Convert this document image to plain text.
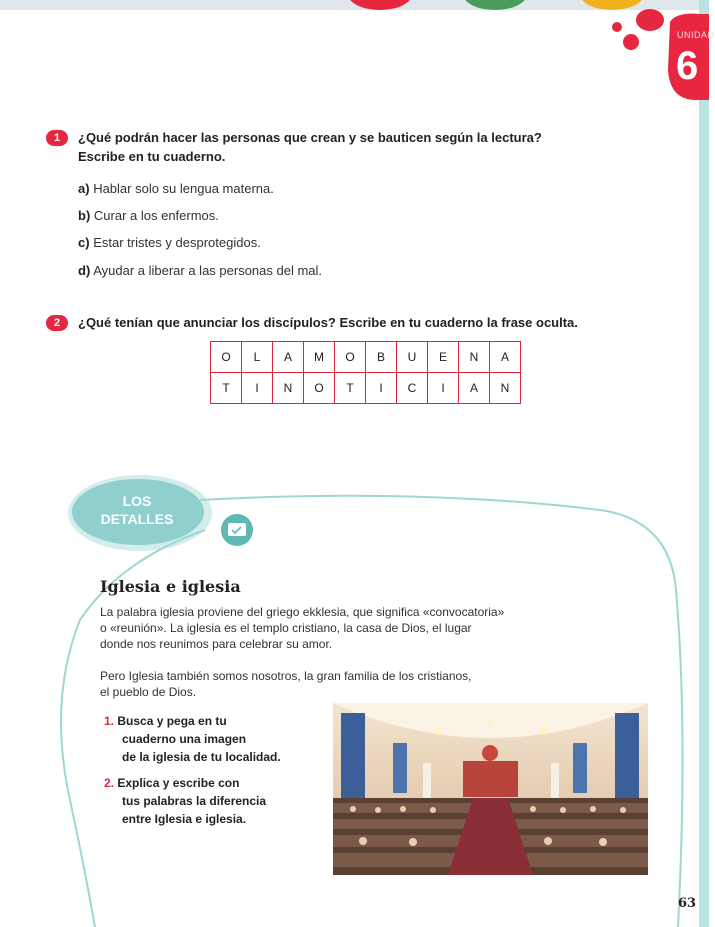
UNIDAD
6
1	¿Qué podrán hacer las personas que crean y se bauticen según la lectura?
Escribe en tu cuaderno.
a) Hablar solo su lengua materna.
b) Curar a los enfermos.
c) Estar tristes y desprotegidos.
d) Ayudar a liberar a las personas del mal.
2	¿Qué tenían que anunciar los discípulos? Escribe en tu cuaderno la frase oculta.
O	L	A	M	O	B	U	E	N	A
T	I	N	O	T	I	C	I	A	N
LOS
DETALLES
Iglesia e iglesia
La palabra iglesia proviene del griego ekklesia, que significa «convocatoria»
o «reunión». La iglesia es el templo cristiano, la casa de Dios, el lugar
donde nos reunimos para celebrar su amor.
Pero Iglesia también somos nosotros, la gran familia de los cristianos,
el pueblo de Dios.
1. Busca y pega en tu
cuaderno una imagen
de la iglesia de tu localidad.
2. Explica y escribe con
tus palabras la diferencia
entre Iglesia e iglesia.
63
